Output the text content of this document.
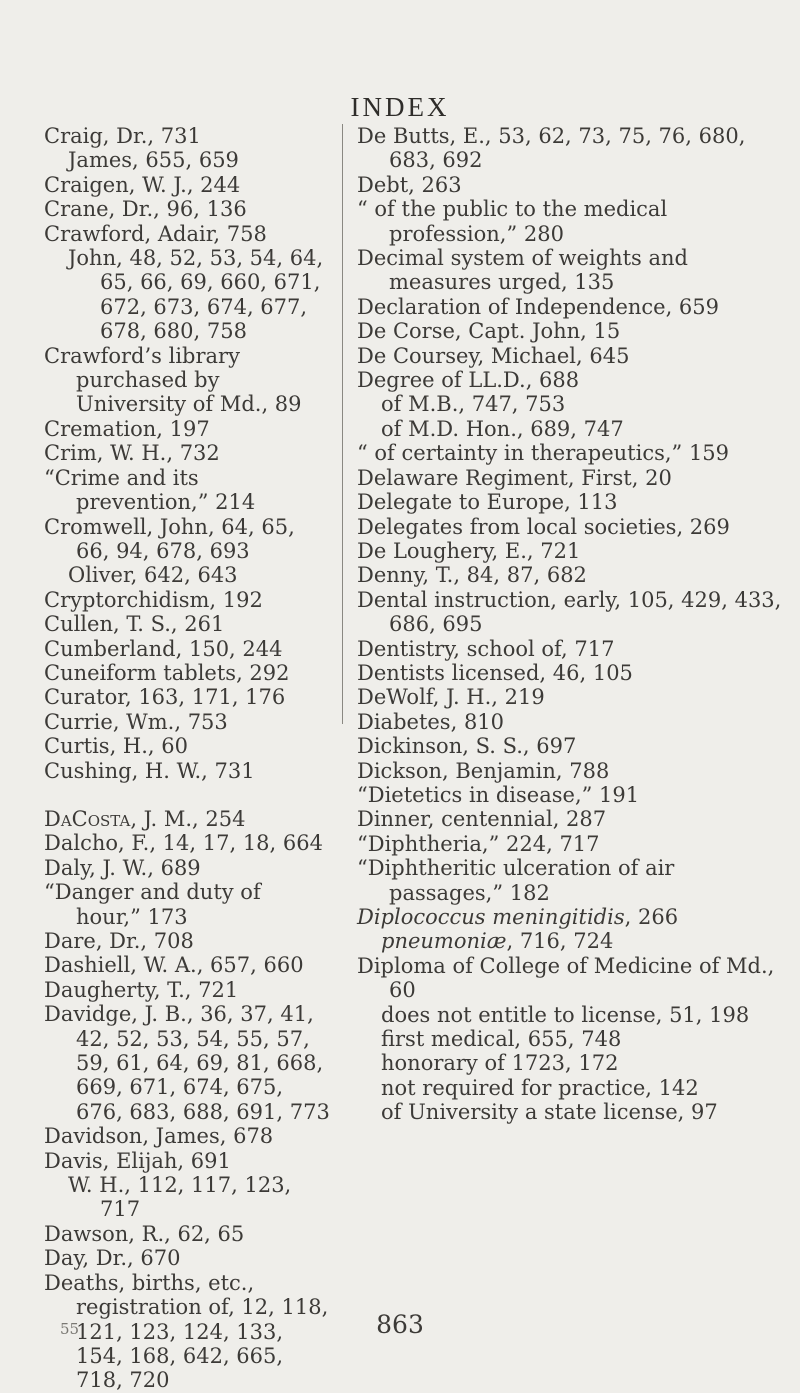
INDEX
Craig, Dr., 731
James, 655, 659
Craigen, W. J., 244
Crane, Dr., 96, 136
Crawford, Adair, 758
John, 48, 52, 53, 54, 64, 65, 66, 69, 660, 671, 672, 673, 674, 677, 678, 680, 758
Crawford’s library purchased by University of Md., 89
Cremation, 197
Crim, W. H., 732
“Crime and its prevention,” 214
Cromwell, John, 64, 65, 66, 94, 678, 693
Oliver, 642, 643
Cryptorchidism, 192
Cullen, T. S., 261
Cumberland, 150, 244
Cuneiform tablets, 292
Curator, 163, 171, 176
Currie, Wm., 753
Curtis, H., 60
Cushing, H. W., 731
DaCosta, J. M., 254
Dalcho, F., 14, 17, 18, 664
Daly, J. W., 689
“Danger and duty of hour,” 173
Dare, Dr., 708
Dashiell, W. A., 657, 660
Daugherty, T., 721
Davidge, J. B., 36, 37, 41, 42, 52, 53, 54, 55, 57, 59, 61, 64, 69, 81, 668, 669, 671, 674, 675, 676, 683, 688, 691, 773
Davidson, James, 678
Davis, Elijah, 691
W. H., 112, 117, 123, 717
Dawson, R., 62, 65
Day, Dr., 670
Deaths, births, etc., registration of, 12, 118, 121, 123, 124, 133, 154, 168, 642, 665, 718, 720
De Butts, E., 53, 62, 73, 75, 76, 680, 683, 692
Debt, 263
“ of the public to the medical profession,” 280
Decimal system of weights and measures urged, 135
Declaration of Independence, 659
De Corse, Capt. John, 15
De Coursey, Michael, 645
Degree of LL.D., 688
of M.B., 747, 753
of M.D. Hon., 689, 747
“ of certainty in therapeutics,” 159
Delaware Regiment, First, 20
Delegate to Europe, 113
Delegates from local societies, 269
De Loughery, E., 721
Denny, T., 84, 87, 682
Dental instruction, early, 105, 429, 433, 686, 695
Dentistry, school of, 717
Dentists licensed, 46, 105
DeWolf, J. H., 219
Diabetes, 810
Dickinson, S. S., 697
Dickson, Benjamin, 788
“Dietetics in disease,” 191
Dinner, centennial, 287
“Diphtheria,” 224, 717
“Diphtheritic ulceration of air passages,” 182
Diplococcus meningitidis, 266
pneumoniæ, 716, 724
Diploma of College of Medicine of Md., 60
does not entitle to license, 51, 198
first medical, 655, 748
honorary of 1723, 172
not required for practice, 142
of University a state license, 97
863
55
